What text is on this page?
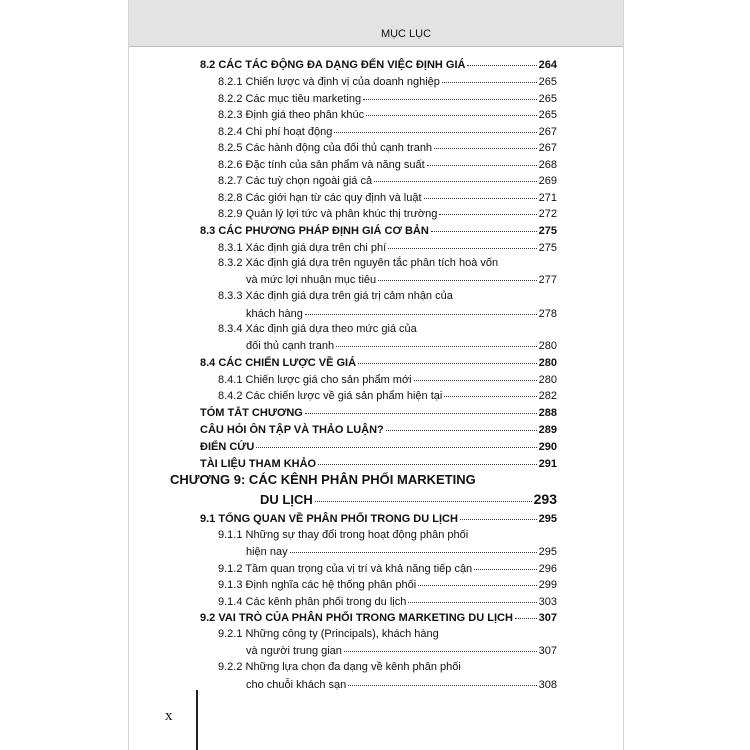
MỤC LỤC
8.2 CÁC TÁC ĐỘNG ĐA DẠNG ĐẾN VIỆC ĐỊNH GIÁ	264
8.2.1 Chiến lược và định vị của doanh nghiệp	265
8.2.2 Các mục tiêu marketing	265
8.2.3 Định giá theo phân khúc	265
8.2.4 Chi phí hoạt động	267
8.2.5 Các hành động của đối thủ cạnh tranh	267
8.2.6 Đặc tính của sản phẩm và năng suất	268
8.2.7 Các tuỳ chọn ngoài giá cả	269
8.2.8 Các giới hạn từ các quy định và luật	271
8.2.9 Quản lý lợi tức và phân khúc thị trường	272
8.3 CÁC PHƯƠNG PHÁP ĐỊNH GIÁ CƠ BẢN	275
8.3.1 Xác định giá dựa trên chi phí	275
8.3.2 Xác định giá dựa trên nguyên tắc phân tích hoà vốn
và mức lợi nhuận mục tiêu	277
8.3.3 Xác định giá dựa trên giá trị cảm nhận của
khách hàng	278
8.3.4 Xác định giá dựa theo mức giá của
đối thủ cạnh tranh	280
8.4 CÁC CHIẾN LƯỢC VỀ GIÁ	280
8.4.1 Chiến lược giá cho sản phẩm mới	280
8.4.2 Các chiến lược về giá sản phẩm hiện tại	282
TÓM TẮT CHƯƠNG	288
CÂU HỎI ÔN TẬP VÀ THẢO LUẬN?	289
ĐIỂN CỨU	290
TÀI LIỆU THAM KHẢO	291
CHƯƠNG 9: CÁC KÊNH PHÂN PHỐI MARKETING
DU LỊCH	293
9.1 TỔNG QUAN VỀ PHÂN PHỐI TRONG DU LỊCH	295
9.1.1 Những sự thay đổi trong hoạt động phân phối
hiện nay	295
9.1.2 Tầm quan trọng của vị trí và khả năng tiếp cận	296
9.1.3 Định nghĩa các hệ thống phân phối	299
9.1.4 Các kênh phân phối trong du lịch	303
9.2 VAI TRÒ CỦA PHÂN PHỐI TRONG MARKETING DU LỊCH 307
9.2.1 Những công ty (Principals), khách hàng
và người trung gian	307
9.2.2 Những lựa chọn đa dạng về kênh phân phối
cho chuỗi khách sạn	308
x
